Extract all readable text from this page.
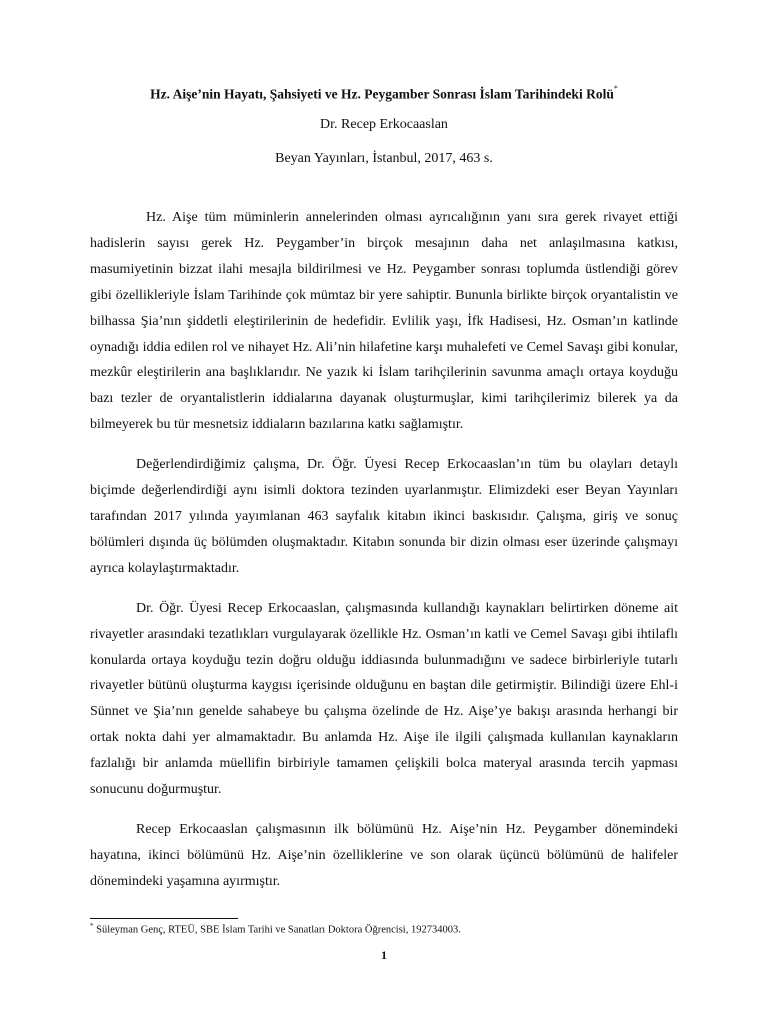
Hz. Aişe’nin Hayatı, Şahsiyeti ve Hz. Peygamber Sonrası İslam Tarihindeki Rolü*
Dr. Recep Erkocaaslan
Beyan Yayınları, İstanbul, 2017, 463 s.

Hz. Aişe tüm müminlerin annelerinden olması ayrıcalığının yanı sıra gerek rivayet ettiği hadislerin sayısı gerek Hz. Peygamber’in birçok mesajının daha net anlaşılmasına katkısı, masumiyetinin bizzat ilahi mesajla bildirilmesi ve Hz. Peygamber sonrası toplumda üstlendiği görev gibi özellikleriyle İslam Tarihinde çok mümtaz bir yere sahiptir. Bununla birlikte birçok oryantalistin ve bilhassa Şia’nın şiddetli eleştirilerinin de hedefidir. Evlilik yaşı, İfk Hadisesi, Hz. Osman’ın katlinde oynadığı iddia edilen rol ve nihayet Hz. Ali’nin hilafetine karşı muhalefeti ve Cemel Savaşı gibi konular, mezkûr eleştirilerin ana başlıklarıdır. Ne yazık ki İslam tarihçilerinin savunma amaçlı ortaya koyduğu bazı tezler de oryantalistlerin iddialarına dayanak oluşturmuşlar, kimi tarihçilerimiz bilerek ya da bilmeyerek bu tür mesnetsiz iddiaların bazılarına katkı sağlamıştır.

Değerlendirdiğimiz çalışma, Dr. Öğr. Üyesi Recep Erkocaaslan’ın tüm bu olayları detaylı biçimde değerlendirdiği aynı isimli doktora tezinden uyarlanmıştır. Elimizdeki eser Beyan Yayınları tarafından 2017 yılında yayımlanan 463 sayfalık kitabın ikinci baskısıdır. Çalışma, giriş ve sonuç bölümleri dışında üç bölümden oluşmaktadır. Kitabın sonunda bir dizin olması eser üzerinde çalışmayı ayrıca kolaylaştırmaktadır.

Dr. Öğr. Üyesi Recep Erkocaaslan, çalışmasında kullandığı kaynakları belirtirken döneme ait rivayetler arasındaki tezatlıkları vurgulayarak özellikle Hz. Osman’ın katli ve Cemel Savaşı gibi ihtilaflı konularda ortaya koyduğu tezin doğru olduğu iddiasında bulunmadığını ve sadece birbirleriyle tutarlı rivayetler bütünü oluşturma kaygısı içerisinde olduğunu en baştan dile getirmiştir. Bilindiği üzere Ehl-i Sünnet ve Şia’nın genelde sahabeye bu çalışma özelinde de Hz. Aişe’ye bakışı arasında herhangi bir ortak nokta dahi yer almamaktadır. Bu anlamda Hz. Aişe ile ilgili çalışmada kullanılan kaynakların fazlalığı bir anlamda müellifin birbiriyle tamamen çelişkili bolca materyal arasında tercih yapması sonucunu doğurmuştur.

Recep Erkocaaslan çalışmasının ilk bölümünü Hz. Aişe’nin Hz. Peygamber dönemindeki hayatına, ikinci bölümünü Hz. Aişe’nin özelliklerine ve son olarak üçüncü bölümünü de halifeler dönemindeki yaşamına ayırmıştır.

* Süleyman Genç, RTEÜ, SBE İslam Tarihi ve Sanatları Doktora Öğrencisi, 192734003.
1
